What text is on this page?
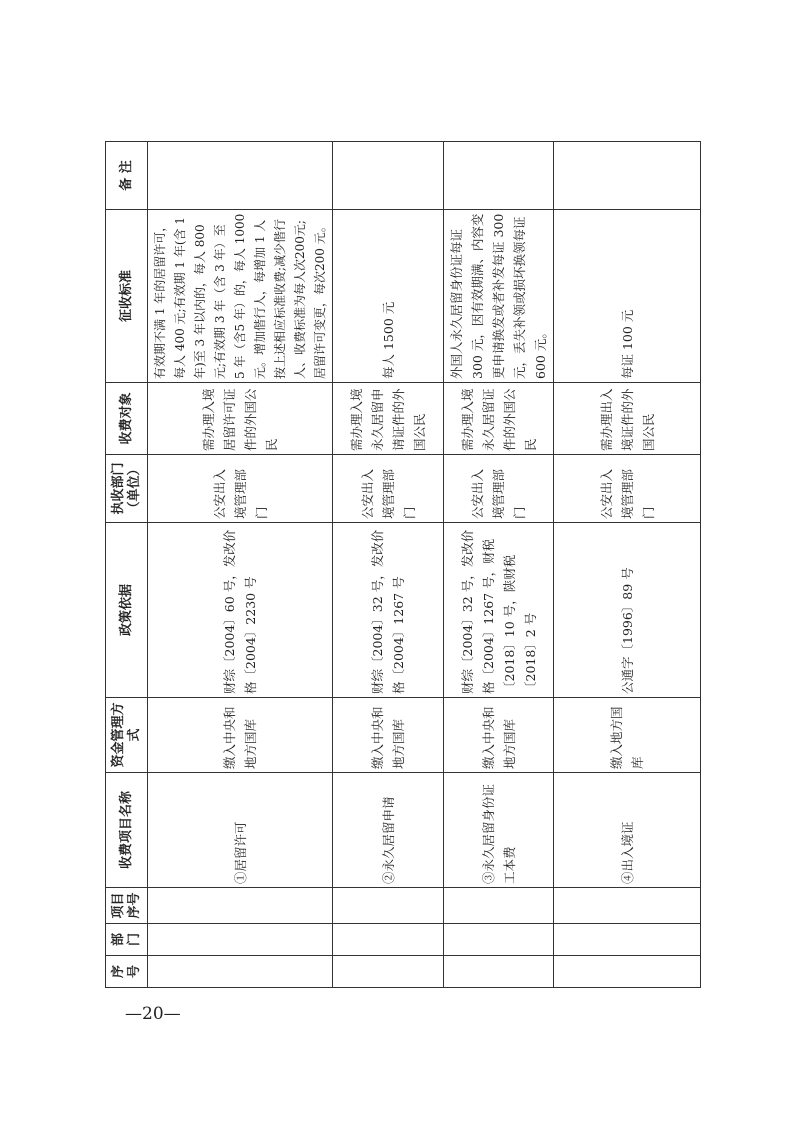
序号	部门	项目序号	收费项目名称	资金管理方式	政策依据	执收部门（单位）	收费对象	征收标准	备 注
			①居留许可	缴入中央和地方国库	财综〔2004〕60 号，发改价格〔2004〕2230 号	公安出入境管理部门	需办理入境居留许可证件的外国公民	有效期不满 1 年的居留许可，每人 400 元;有效期 1 年(含 1 年)至 3 年以内的，每人 800 元;有效期 3 年（含 3 年）至 5 年（含5 年）的，每人 1000 元。增加偕行人，每增加 1 人按上述相应标准收费;减少偕行人、收费标准为每人次200元;居留许可变更，每次200 元。	
			②永久居留申请	缴入中央和地方国库	财综〔2004〕32 号，发改价格〔2004〕1267 号	公安出入境管理部门	需办理入境永久居留申请证件的外国公民	每人 1500 元	
			③永久居留身份证工本费	缴入中央和地方国库	财综〔2004〕32 号，发改价格〔2004〕1267 号，财税〔2018〕10 号，陕财税〔2018〕2 号	公安出入境管理部门	需办理入境永久居留证件的外国公民	外国人永久居留身份证每证 300 元，因有效期满、内容变更申请换发或者补发每证 300 元，丢失补领或损坏换领每证 600 元。	
			④出入境证	缴入地方国库	公通字〔1996〕89 号	公安出入境管理部门	需办理出入境证件的外国公民	每证 100 元	
—20—
